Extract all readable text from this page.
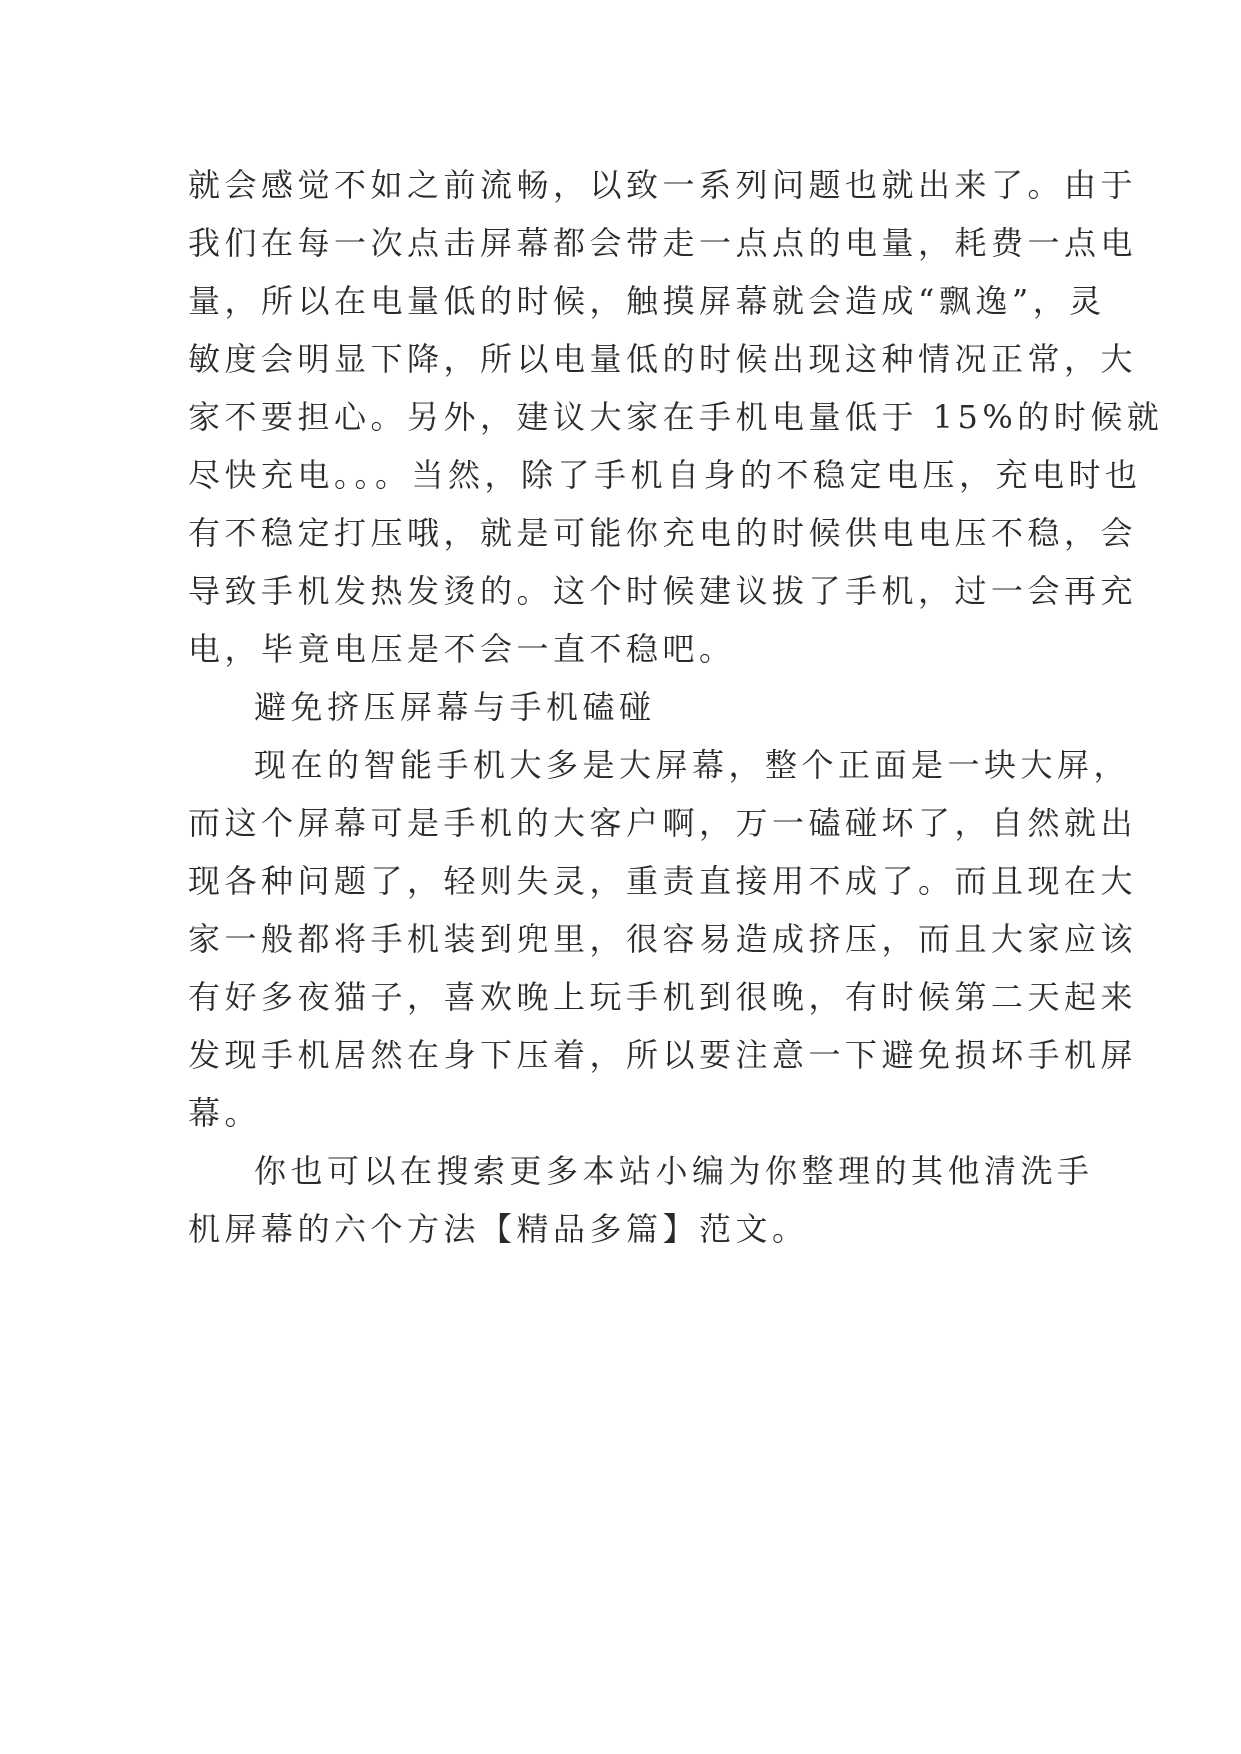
就会感觉不如之前流畅，以致一系列问题也就出来了。由于
我们在每一次点击屏幕都会带走一点点的电量，耗费一点电
量，所以在电量低的时候，触摸屏幕就会造成“飘逸”，灵
敏度会明显下降，所以电量低的时候出现这种情况正常，大
家不要担心。另外，建议大家在手机电量低于 15%的时候就
尽快充电。。。当然，除了手机自身的不稳定电压，充电时也
有不稳定打压哦，就是可能你充电的时候供电电压不稳，会
导致手机发热发烫的。这个时候建议拔了手机，过一会再充
电，毕竟电压是不会一直不稳吧。

避免挤压屏幕与手机磕碰

现在的智能手机大多是大屏幕，整个正面是一块大屏，
而这个屏幕可是手机的大客户啊，万一磕碰坏了，自然就出
现各种问题了，轻则失灵，重责直接用不成了。而且现在大
家一般都将手机装到兜里，很容易造成挤压，而且大家应该
有好多夜猫子，喜欢晚上玩手机到很晚，有时候第二天起来
发现手机居然在身下压着，所以要注意一下避免损坏手机屏
幕。

你也可以在搜索更多本站小编为你整理的其他清洗手
机屏幕的六个方法【精品多篇】范文。
